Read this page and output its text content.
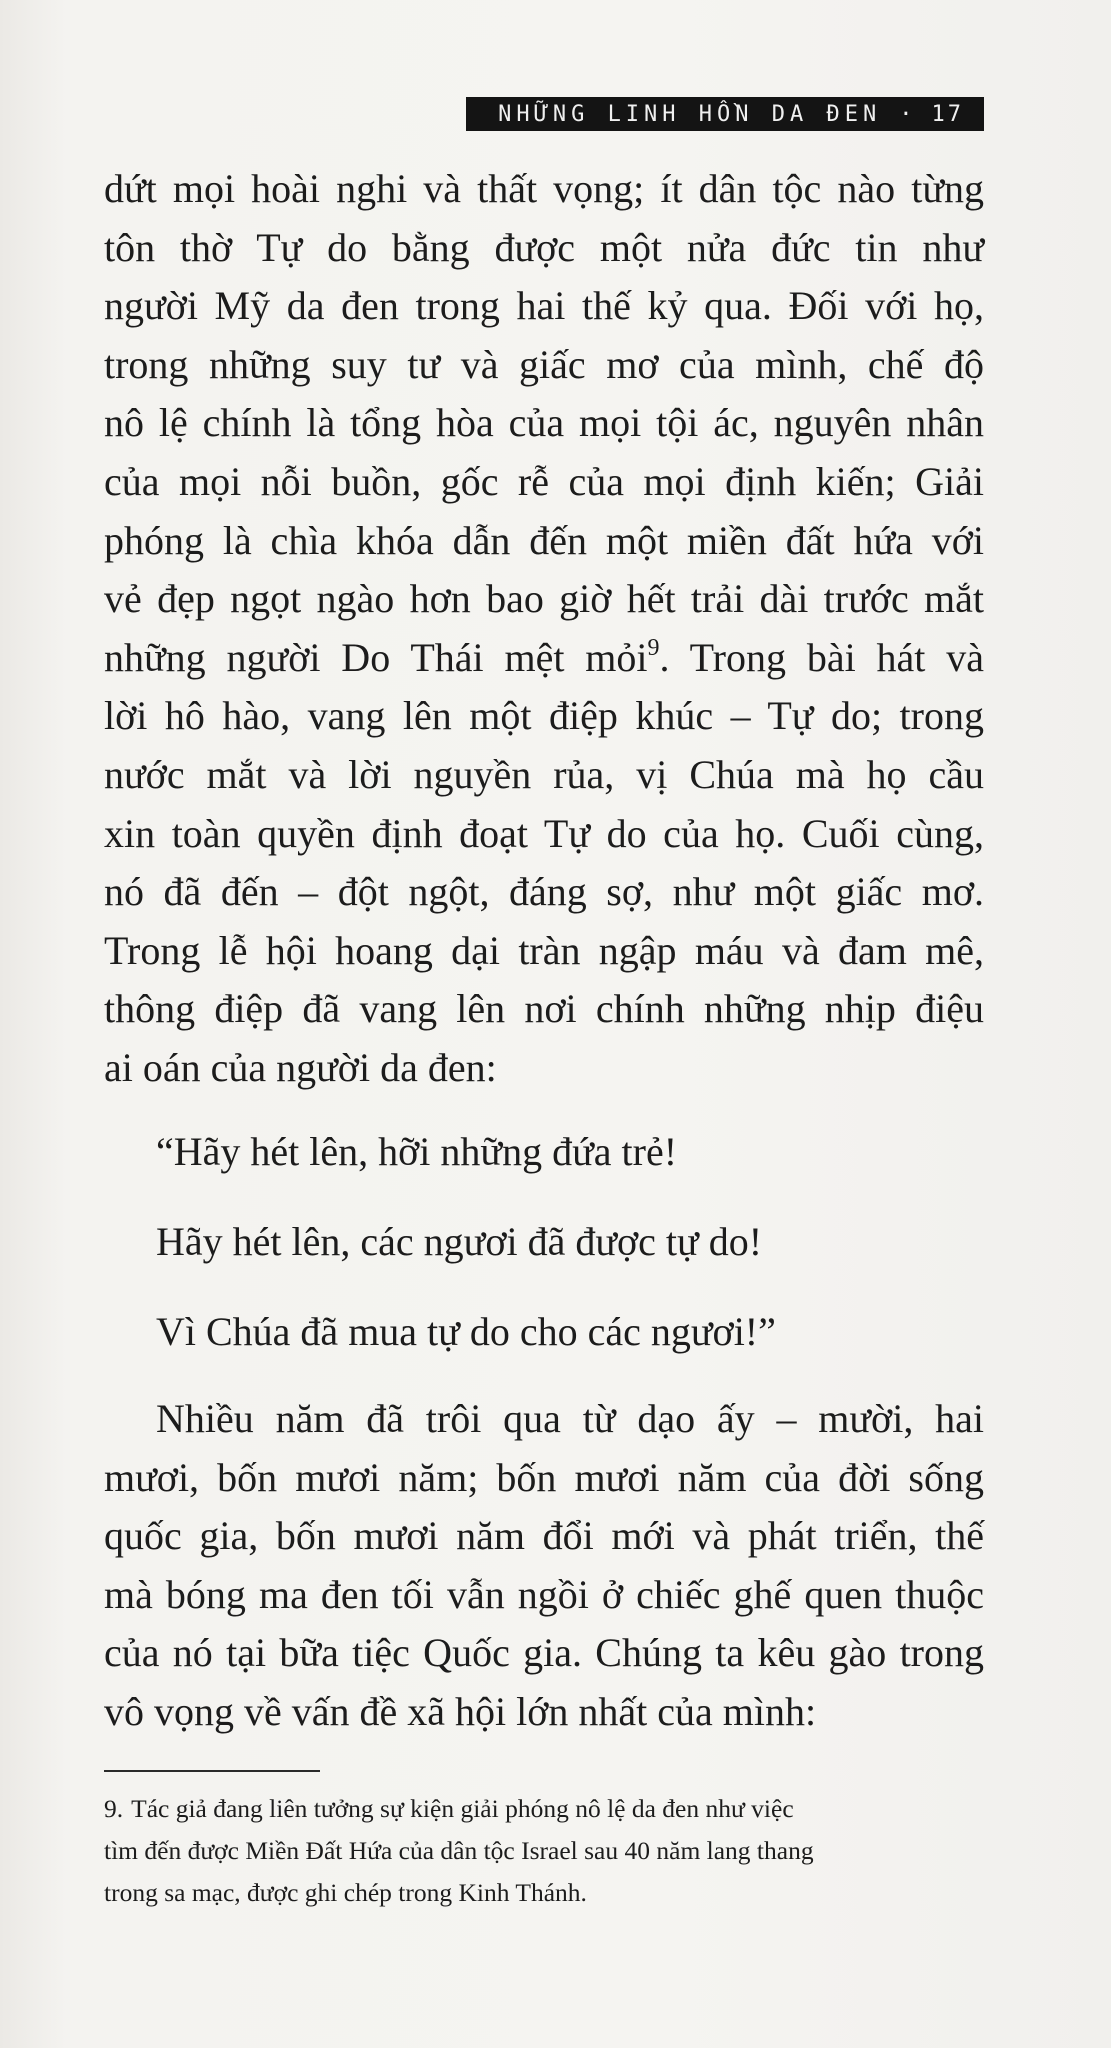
NHỮNG LINH HỒN DA ĐEN · 17
dứt mọi hoài nghi và thất vọng; ít dân tộc nào từng
tôn thờ Tự do bằng được một nửa đức tin như
người Mỹ da đen trong hai thế kỷ qua. Đối với họ,
trong những suy tư và giấc mơ của mình, chế độ
nô lệ chính là tổng hòa của mọi tội ác, nguyên nhân
của mọi nỗi buồn, gốc rễ của mọi định kiến; Giải
phóng là chìa khóa dẫn đến một miền đất hứa với
vẻ đẹp ngọt ngào hơn bao giờ hết trải dài trước mắt
những người Do Thái mệt mỏi$^9$. Trong bài hát và
lời hô hào, vang lên một điệp khúc – Tự do; trong
nước mắt và lời nguyền rủa, vị Chúa mà họ cầu
xin toàn quyền định đoạt Tự do của họ. Cuối cùng,
nó đã đến – đột ngột, đáng sợ, như một giấc mơ.
Trong lễ hội hoang dại tràn ngập máu và đam mê,
thông điệp đã vang lên nơi chính những nhịp điệu
ai oán của người da đen:
“Hãy hét lên, hỡi những đứa trẻ!
Hãy hét lên, các ngươi đã được tự do!
Vì Chúa đã mua tự do cho các ngươi!”
Nhiều năm đã trôi qua từ dạo ấy – mười, hai
mươi, bốn mươi năm; bốn mươi năm của đời sống
quốc gia, bốn mươi năm đổi mới và phát triển, thế
mà bóng ma đen tối vẫn ngồi ở chiếc ghế quen thuộc
của nó tại bữa tiệc Quốc gia. Chúng ta kêu gào trong
vô vọng về vấn đề xã hội lớn nhất của mình:
9. Tác giả đang liên tưởng sự kiện giải phóng nô lệ da đen như việc
tìm đến được Miền Đất Hứa của dân tộc Israel sau 40 năm lang thang
trong sa mạc, được ghi chép trong Kinh Thánh.
